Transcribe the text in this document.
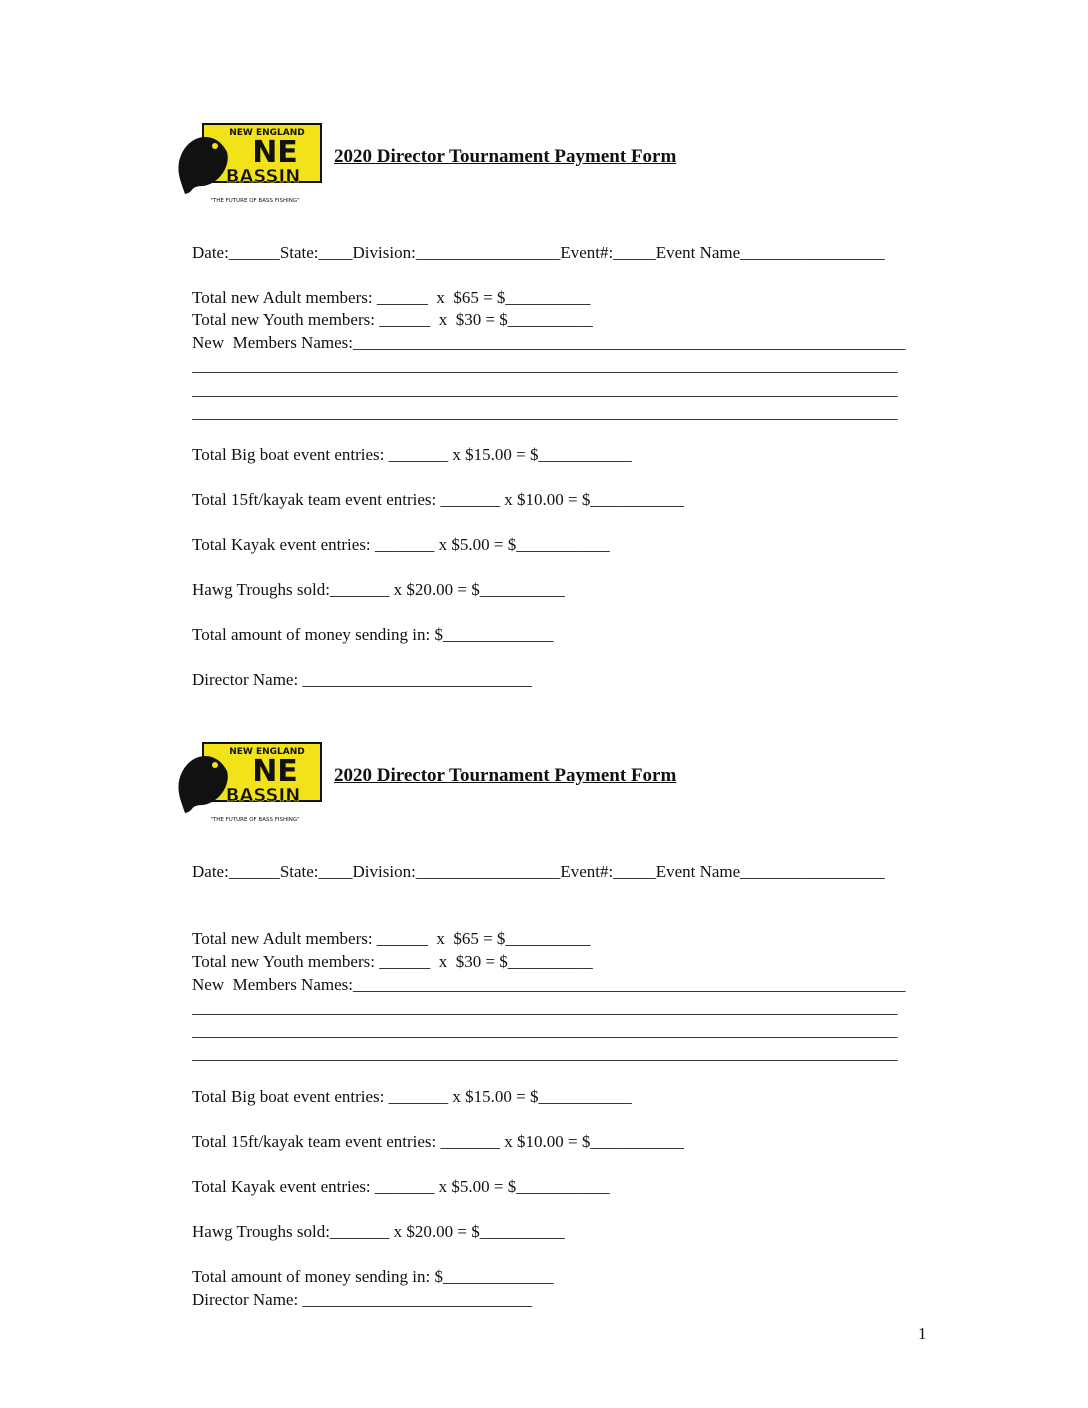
NEW ENGLAND
NE
BASSIN
"THE FUTURE OF BASS FISHING"
2020 Director Tournament Payment Form
Date:______State:____Division:_________________Event#:_____Event Name_________________
Total new Adult members: ______  x  $65 = $__________
Total new Youth members: ______  x  $30 = $__________
New  Members Names:_________________________________________________________________
___________________________________________________________________________________
___________________________________________________________________________________
___________________________________________________________________________________
Total Big boat event entries: _______ x $15.00 = $___________
Total 15ft/kayak team event entries: _______ x $10.00 = $___________
Total Kayak event entries: _______ x $5.00 = $___________
Hawg Troughs sold:_______ x $20.00 = $__________
Total amount of money sending in: $_____________
Director Name: ___________________________
NEW ENGLAND
NE
BASSIN
"THE FUTURE OF BASS FISHING"
2020 Director Tournament Payment Form
Date:______State:____Division:_________________Event#:_____Event Name_________________
Total new Adult members: ______  x  $65 = $__________
Total new Youth members: ______  x  $30 = $__________
New  Members Names:_________________________________________________________________
___________________________________________________________________________________
___________________________________________________________________________________
___________________________________________________________________________________
Total Big boat event entries: _______ x $15.00 = $___________
Total 15ft/kayak team event entries: _______ x $10.00 = $___________
Total Kayak event entries: _______ x $5.00 = $___________
Hawg Troughs sold:_______ x $20.00 = $__________
Total amount of money sending in: $_____________
Director Name: ___________________________
1
